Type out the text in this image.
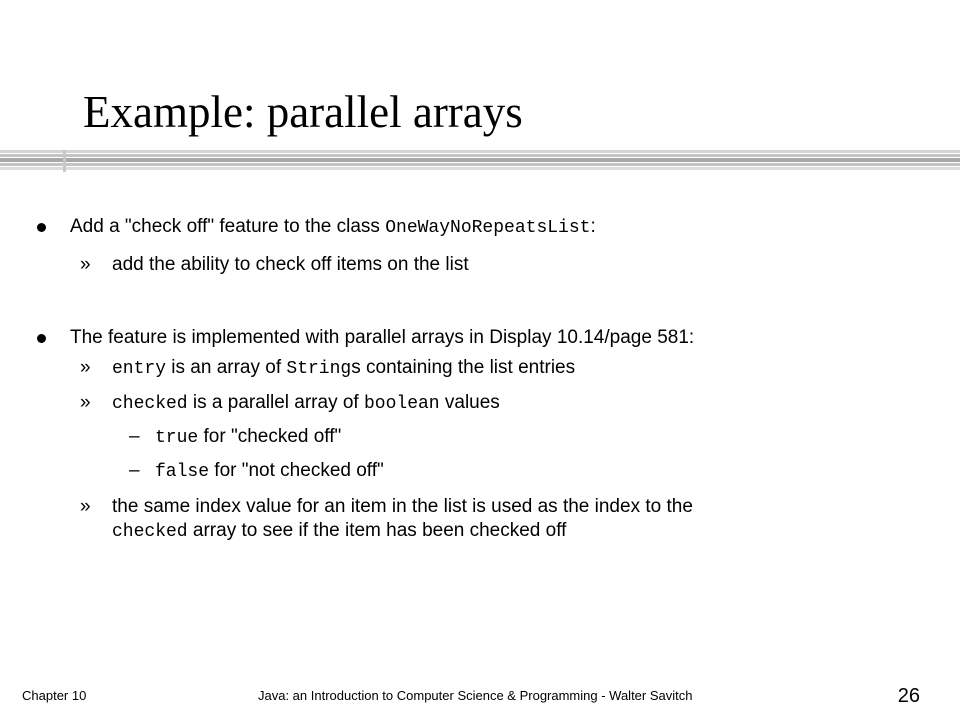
Example: parallel arrays
Add a "check off" feature to the class OneWayNoRepeatsList:
» add the ability to check off items on the list
The feature is implemented with parallel arrays in Display 10.14/page 581:
» entry is an array of Strings containing the list entries
» checked is a parallel array of boolean values
– true for "checked off"
– false for "not checked off"
» the same index value for an item in the list is used as the index to the
checked array to see if the item has been checked off
Chapter 10	Java: an Introduction to Computer Science & Programming - Walter Savitch	26
